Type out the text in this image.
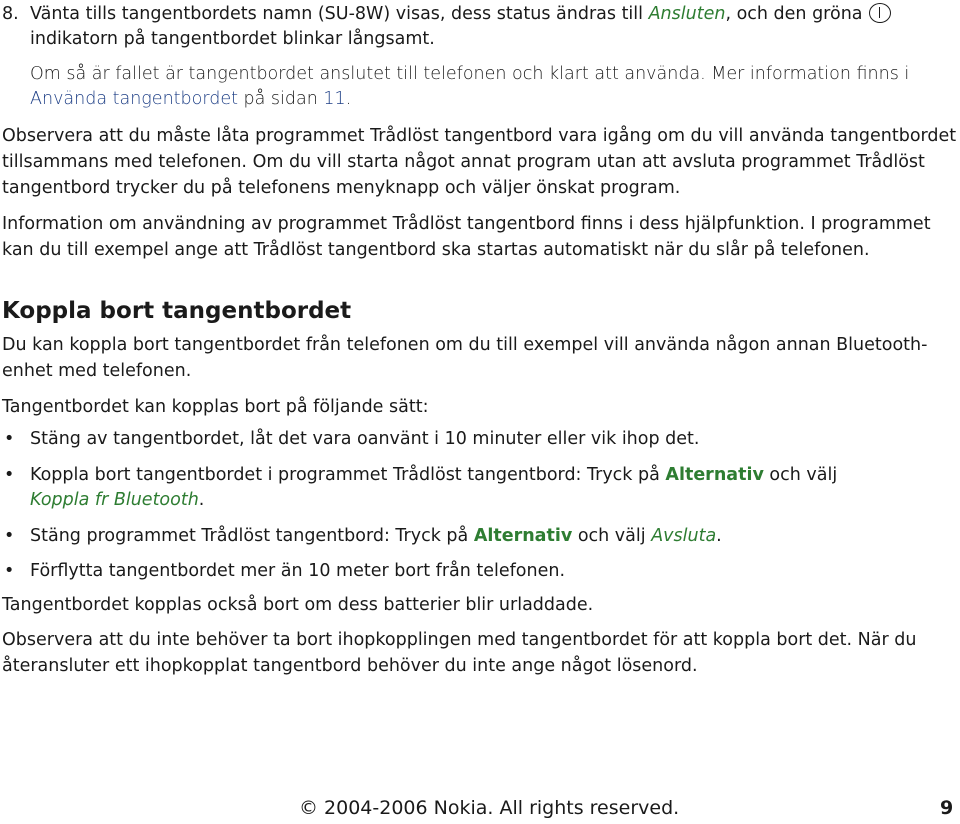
8. Vänta tills tangentbordets namn (SU-8W) visas, dess status ändras till Ansluten, och den gröna
indikatorn på tangentbordet blinkar långsamt.
Om så är fallet är tangentbordet anslutet till telefonen och klart att använda. Mer information finns i
Använda tangentbordet på sidan 11.
Observera att du måste låta programmet Trådlöst tangentbord vara igång om du vill använda tangentbordet
tillsammans med telefonen. Om du vill starta något annat program utan att avsluta programmet Trådlöst
tangentbord trycker du på telefonens menyknapp och väljer önskat program.
Information om användning av programmet Trådlöst tangentbord finns i dess hjälpfunktion. I programmet
kan du till exempel ange att Trådlöst tangentbord ska startas automatiskt när du slår på telefonen.
Koppla bort tangentbordet
Du kan koppla bort tangentbordet från telefonen om du till exempel vill använda någon annan Bluetooth-
enhet med telefonen.
Tangentbordet kan kopplas bort på följande sätt:
• Stäng av tangentbordet, låt det vara oanvänt i 10 minuter eller vik ihop det.
• Koppla bort tangentbordet i programmet Trådlöst tangentbord: Tryck på Alternativ och välj
Koppla fr Bluetooth.
• Stäng programmet Trådlöst tangentbord: Tryck på Alternativ och välj Avsluta.
• Förflytta tangentbordet mer än 10 meter bort från telefonen.
Tangentbordet kopplas också bort om dess batterier blir urladdade.
Observera att du inte behöver ta bort ihopkopplingen med tangentbordet för att koppla bort det. När du
återansluter ett ihopkopplat tangentbord behöver du inte ange något lösenord.
© 2004-2006 Nokia. All rights reserved.	9
